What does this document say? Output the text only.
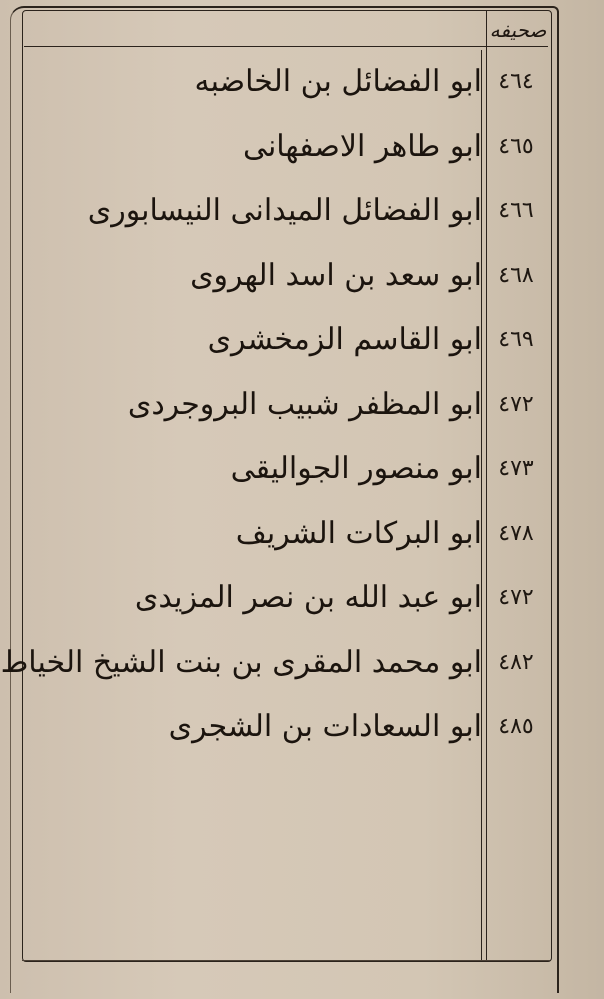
صحيفه
٤٦٤
ابو الفضائل بن الخاضبه
٤٦٥
ابو طاهر الاصفهانى
٤٦٦
ابو الفضائل الميدانى النيسابورى
٤٦٨
ابو سعد بن اسد الهروى
٤٦٩
ابو القاسم الزمخشرى
٤٧٢
ابو المظفر شبيب البروجردى
٤٧٣
ابو منصور الجواليقى
٤٧٨
ابو البركات الشريف
٤٧٢
ابو عبد الله بن نصر المزيدى
٤٨٢
ابو محمد المقرى بن بنت الشيخ الخياط
٤٨٥
ابو السعادات بن الشجرى
